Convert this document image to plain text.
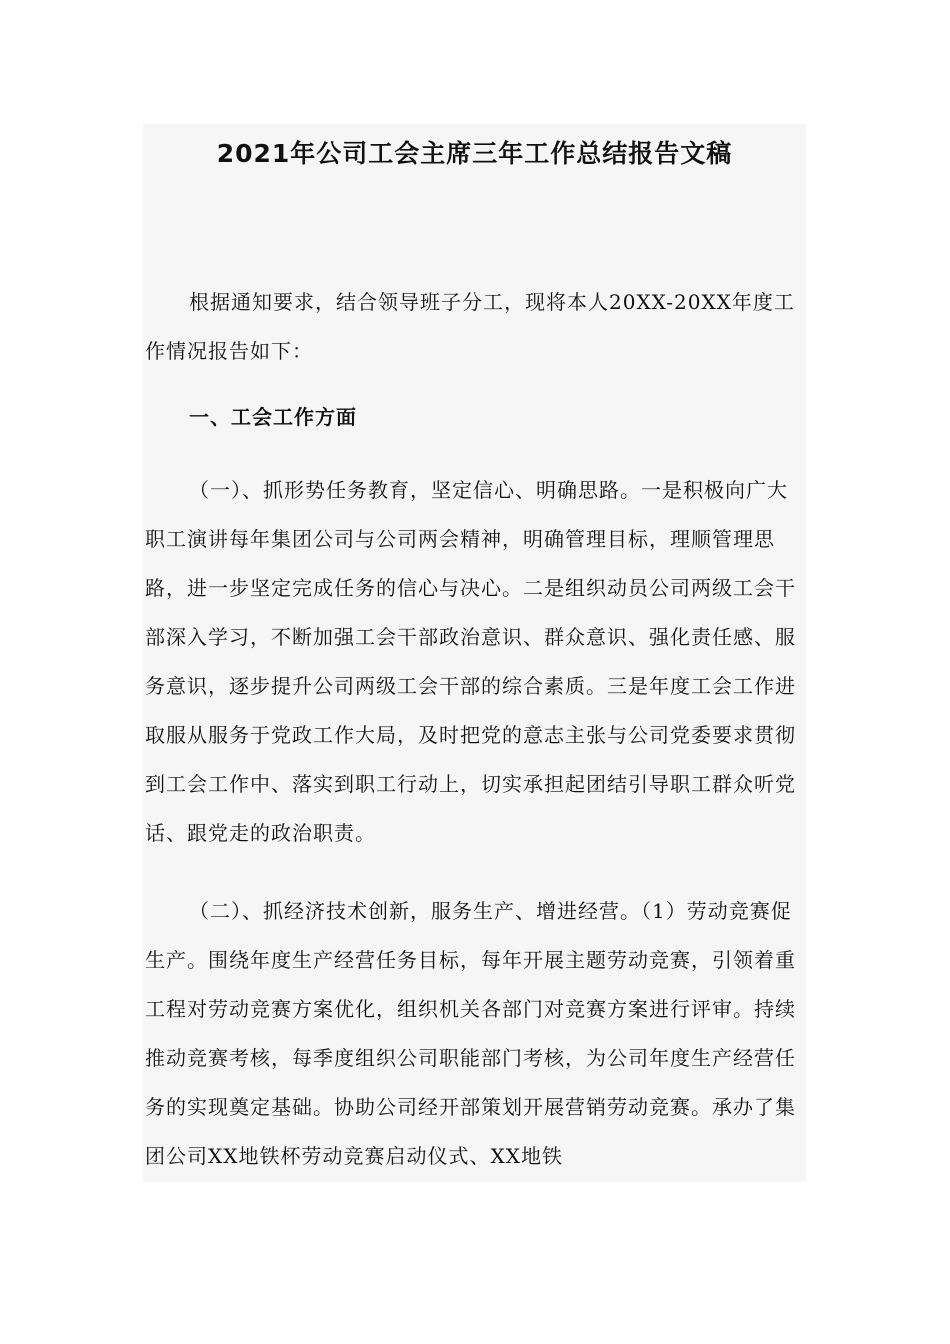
2021年公司工会主席三年工作总结报告文稿

根据通知要求，结合领导班子分工，现将本人20XX-20XX年度工作情况报告如下：

一、工会工作方面

（一）、抓形势任务教育，坚定信心、明确思路。一是积极向广大职工演讲每年集团公司与公司两会精神，明确管理目标，理顺管理思路，进一步坚定完成任务的信心与决心。二是组织动员公司两级工会干部深入学习，不断加强工会干部政治意识、群众意识、强化责任感、服务意识，逐步提升公司两级工会干部的综合素质。三是年度工会工作进取服从服务于党政工作大局，及时把党的意志主张与公司党委要求贯彻到工会工作中、落实到职工行动上，切实承担起团结引导职工群众听党话、跟党走的政治职责。

（二）、抓经济技术创新，服务生产、增进经营。（1）劳动竞赛促生产。围绕年度生产经营任务目标，每年开展主题劳动竞赛，引领着重工程对劳动竞赛方案优化，组织机关各部门对竞赛方案进行评审。持续推动竞赛考核，每季度组织公司职能部门考核，为公司年度生产经营任务的实现奠定基础。协助公司经开部策划开展营销劳动竞赛。承办了集团公司XX地铁杯劳动竞赛启动仪式、XX地铁
